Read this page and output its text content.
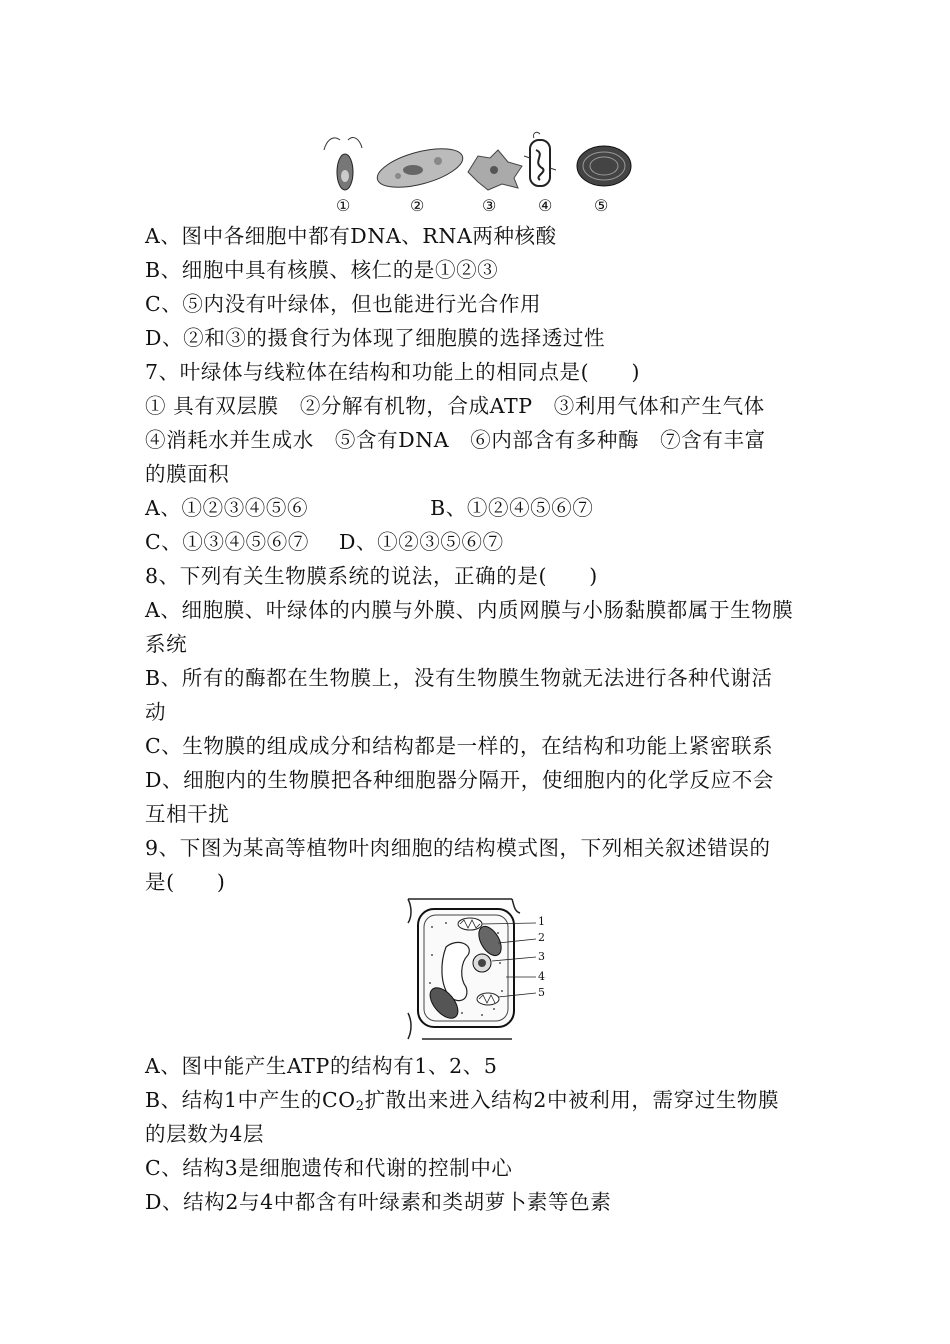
①	②	③	④	⑤
A、图中各细胞中都有DNA、RNA两种核酸
B、细胞中具有核膜、核仁的是①②③
C、⑤内没有叶绿体，但也能进行光合作用
D、②和③的摄食行为体现了细胞膜的选择透过性
7、叶绿体与线粒体在结构和功能上的相同点是(　　)
① 具有双层膜　②分解有机物，合成ATP　③利用气体和产生气体
④消耗水并生成水　⑤含有DNA　⑥内部含有多种酶　⑦含有丰富
的膜面积
A、①②③④⑤⑥	B、①②④⑤⑥⑦
C、①③④⑤⑥⑦ D、①②③⑤⑥⑦
8、下列有关生物膜系统的说法，正确的是(　　)
A、细胞膜、叶绿体的内膜与外膜、内质网膜与小肠黏膜都属于生物膜
系统
B、所有的酶都在生物膜上，没有生物膜生物就无法进行各种代谢活
动
C、生物膜的组成成分和结构都是一样的，在结构和功能上紧密联系
D、细胞内的生物膜把各种细胞器分隔开，使细胞内的化学反应不会
互相干扰
9、下图为某高等植物叶肉细胞的结构模式图，下列相关叙述错误的
是(　　)
1
2
3
4
5
A、图中能产生ATP的结构有1、2、5
B、结构1中产生的$CO_2$扩散出来进入结构2中被利用，需穿过生物膜
的层数为4层
C、结构3是细胞遗传和代谢的控制中心
D、结构2与4中都含有叶绿素和类胡萝卜素等色素
